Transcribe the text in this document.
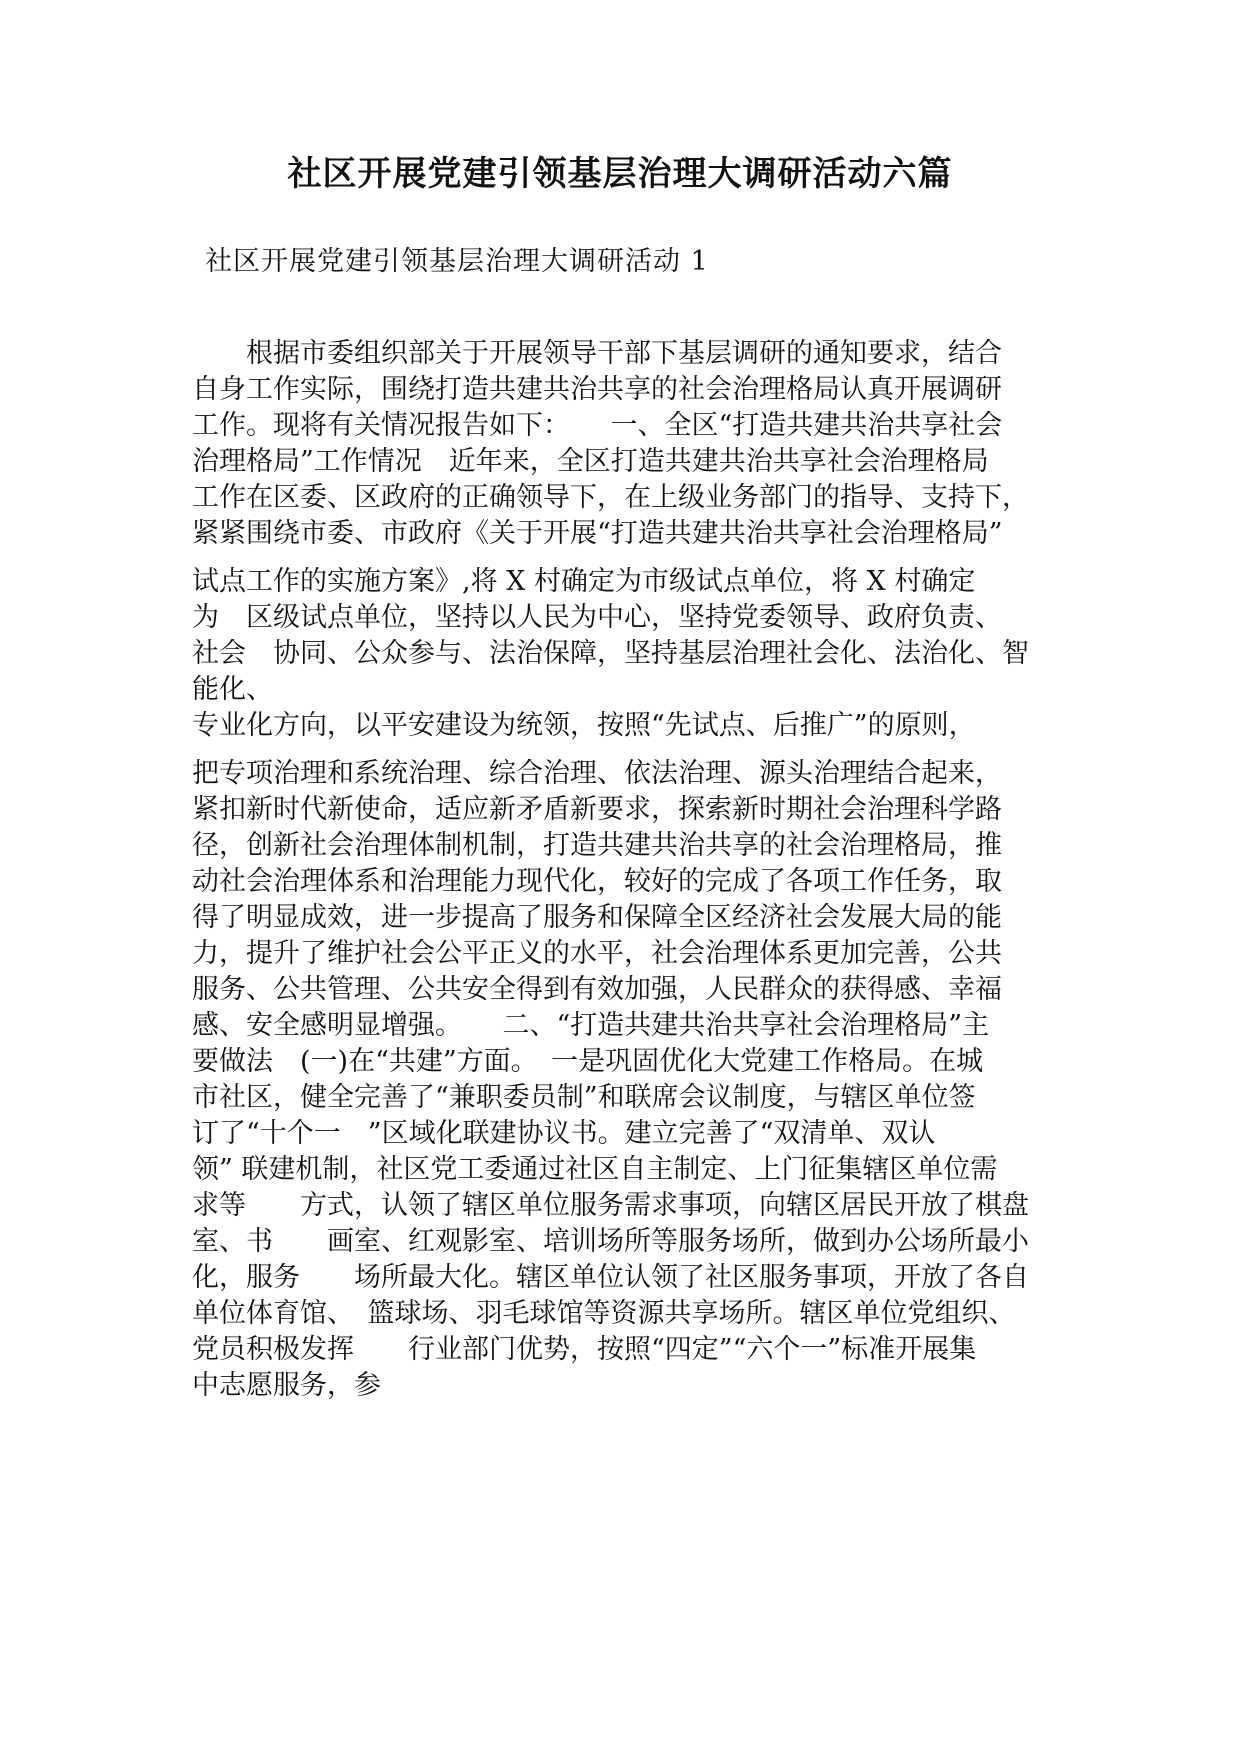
社区开展党建引领基层治理大调研活动六篇
社区开展党建引领基层治理大调研活动 1
　　根据市委组织部关于开展领导干部下基层调研的通知要求，结合
自身工作实际，围绕打造共建共治共享的社会治理格局认真开展调研
工作。现将有关情况报告如下：　　一、全区“打造共建共治共享社会
治理格局”工作情况　近年来，全区打造共建共治共享社会治理格局
工作在区委、区政府的正确领导下，在上级业务部门的指导、支持下，
紧紧围绕市委、市政府《关于开展“打造共建共治共享社会治理格局”
试点工作的实施方案》,将 X 村确定为市级试点单位，将 X 村确定
为　区级试点单位，坚持以人民为中心，坚持党委领导、政府负责、
社会　协同、公众参与、法治保障，坚持基层治理社会化、法治化、智
能化、
专业化方向，以平安建设为统领，按照“先试点、后推广”的原则，
把专项治理和系统治理、综合治理、依法治理、源头治理结合起来，
紧扣新时代新使命，适应新矛盾新要求，探索新时期社会治理科学路
径，创新社会治理体制机制，打造共建共治共享的社会治理格局，推
动社会治理体系和治理能力现代化，较好的完成了各项工作任务，取
得了明显成效，进一步提高了服务和保障全区经济社会发展大局的能
力，提升了维护社会公平正义的水平，社会治理体系更加完善，公共
服务、公共管理、公共安全得到有效加强，人民群众的获得感、幸福
感、安全感明显增强。　　二、“打造共建共治共享社会治理格局”主
要做法　(一)在“共建”方面。　一是巩固优化大党建工作格局。在城
市社区，健全完善了“兼职委员制”和联席会议制度，与辖区单位签
订了“十个一　”区域化联建协议书。建立完善了“双清单、双认
领” 联建机制，社区党工委通过社区自主制定、上门征集辖区单位需
求等　　方式，认领了辖区单位服务需求事项，向辖区居民开放了棋盘
室、书　　画室、红观影室、培训场所等服务场所，做到办公场所最小
化，服务　　场所最大化。辖区单位认领了社区服务事项，开放了各自
单位体育馆、　篮球场、羽毛球馆等资源共享场所。辖区单位党组织、
党员积极发挥　　行业部门优势，按照“四定”“六个一”标准开展集
中志愿服务，参
